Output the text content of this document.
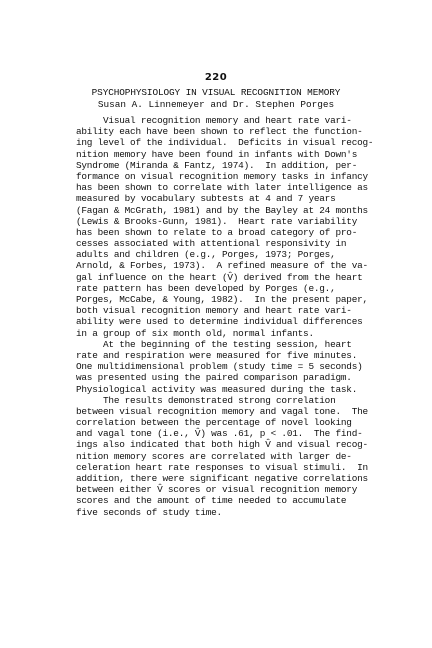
220
PSYCHOPHYSIOLOGY IN VISUAL RECOGNITION MEMORY
Susan A. Linnemeyer and Dr. Stephen Porges
Visual recognition memory and heart rate vari-
ability each have been shown to reflect the function-
ing level of the individual.  Deficits in visual recog-
nition memory have been found in infants with Down's
Syndrome (Miranda & Fantz, 1974).  In addition, per-
formance on visual recognition memory tasks in infancy
has been shown to correlate with later intelligence as
measured by vocabulary subtests at 4 and 7 years
(Fagan & McGrath, 1981) and by the Bayley at 24 months
(Lewis & Brooks-Gunn, 1981).  Heart rate variability
has been shown to relate to a broad category of pro-
cesses associated with attentional responsivity in
adults and children (e.g., Porges, 1973; Porges,
Arnold, & Forbes, 1973).  A refined measure of the va-
gal influence on the heart (V̂) derived from the heart
rate pattern has been developed by Porges (e.g.,
Porges, McCabe, & Young, 1982).  In the present paper,
both visual recognition memory and heart rate vari-
ability were used to determine individual differences
in a group of six month old, normal infants.
At the beginning of the testing session, heart
rate and respiration were measured for five minutes.
One multidimensional problem (study time = 5 seconds)
was presented using the paired comparison paradigm.
Physiological activity was measured during the task.
The results demonstrated strong correlation
between visual recognition memory and vagal tone.  The
correlation between the percentage of novel looking
and vagal tone (i.e., V̂) was .61, p < .01.  The find-
ings also indicated that both high V̂ and visual recog-
nition memory scores are correlated with larger de-
celeration heart rate responses to visual stimuli.  In
addition, there were significant negative correlations
between either V̂ scores or visual recognition memory
scores and the amount of time needed to accumulate
five seconds of study time.
